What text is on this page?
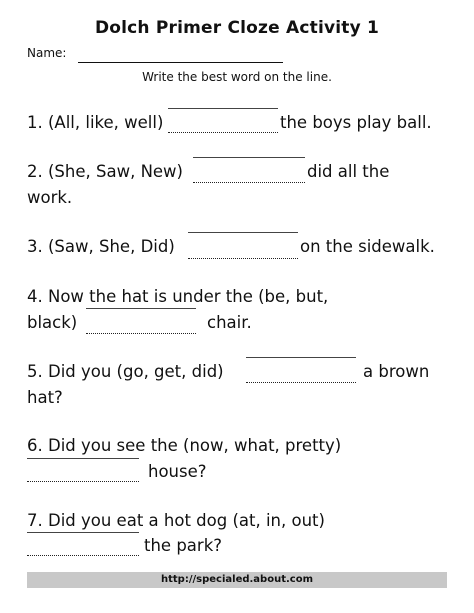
Dolch Primer Cloze Activity 1
Name:
Write the best word on the line.
1. (All, like, well)	the boys play ball.
2. (She, Saw, New)	did all the
work.
3. (Saw, She, Did)	on the sidewalk.
4. Now the hat is under the (be, but,
black)	chair.
5. Did you (go, get, did)	a brown
hat?
6. Did you see the (now, what, pretty)
house?
7. Did you eat a hot dog (at, in, out)
the park?
http://specialed.about.com
